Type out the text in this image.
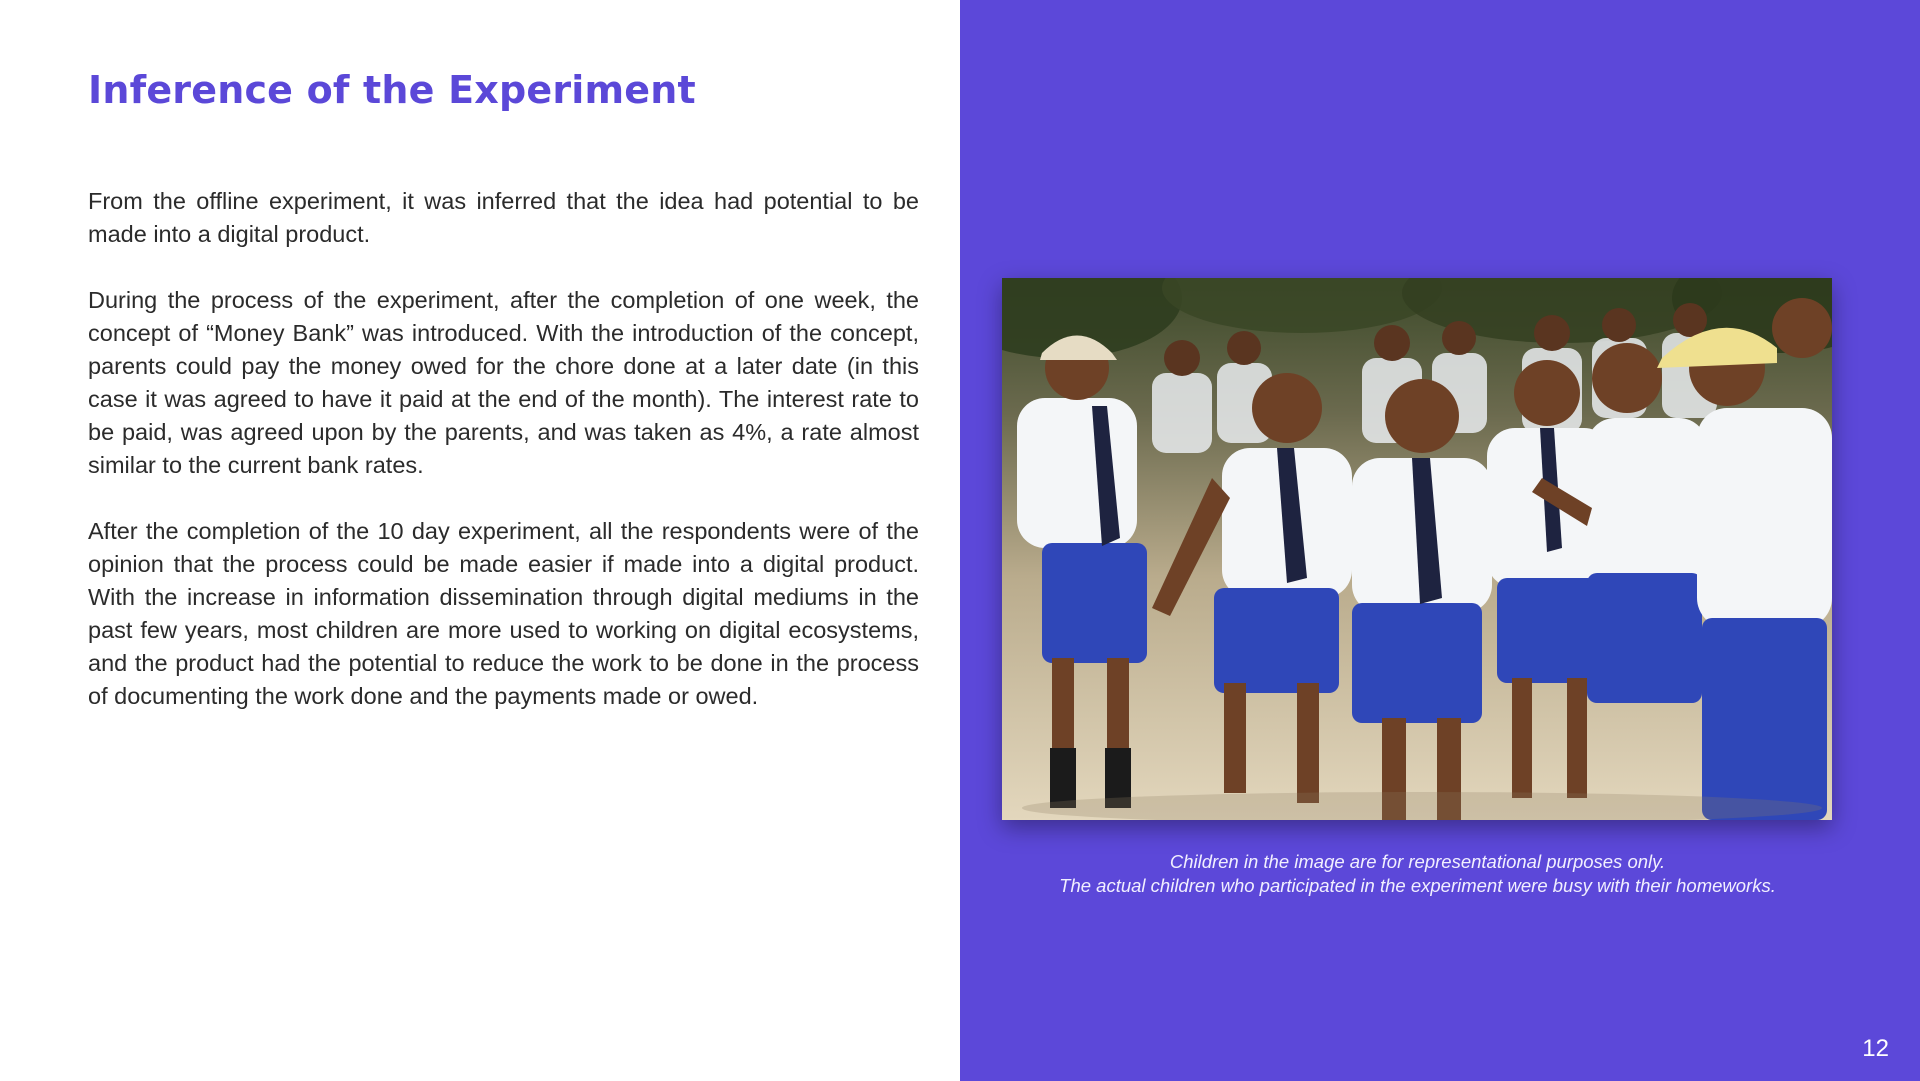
Inference of the Experiment

From the offline experiment, it was inferred that the idea had potential to be made into a digital product.

During the process of the experiment, after the completion of one week, the concept of “Money Bank” was introduced. With the introduction of the concept, parents could pay the money owed for the chore done at a later date (in this case it was agreed to have it paid at the end of the month). The interest rate to be paid, was agreed upon by the parents, and was taken as 4%, a rate almost similar to the current bank rates.

After the completion of the 10 day experiment, all the respondents were of the opinion that the process could be made easier if made into a digital product. With the increase in information dissemination through digital mediums in the past few years, most children are more used to working on digital ecosystems, and the product had the potential to reduce the work to be done in the process of documenting the work done and the payments made or owed.

Children in the image are for representational purposes only.
The actual children who participated in the experiment were busy with their homeworks.
12
